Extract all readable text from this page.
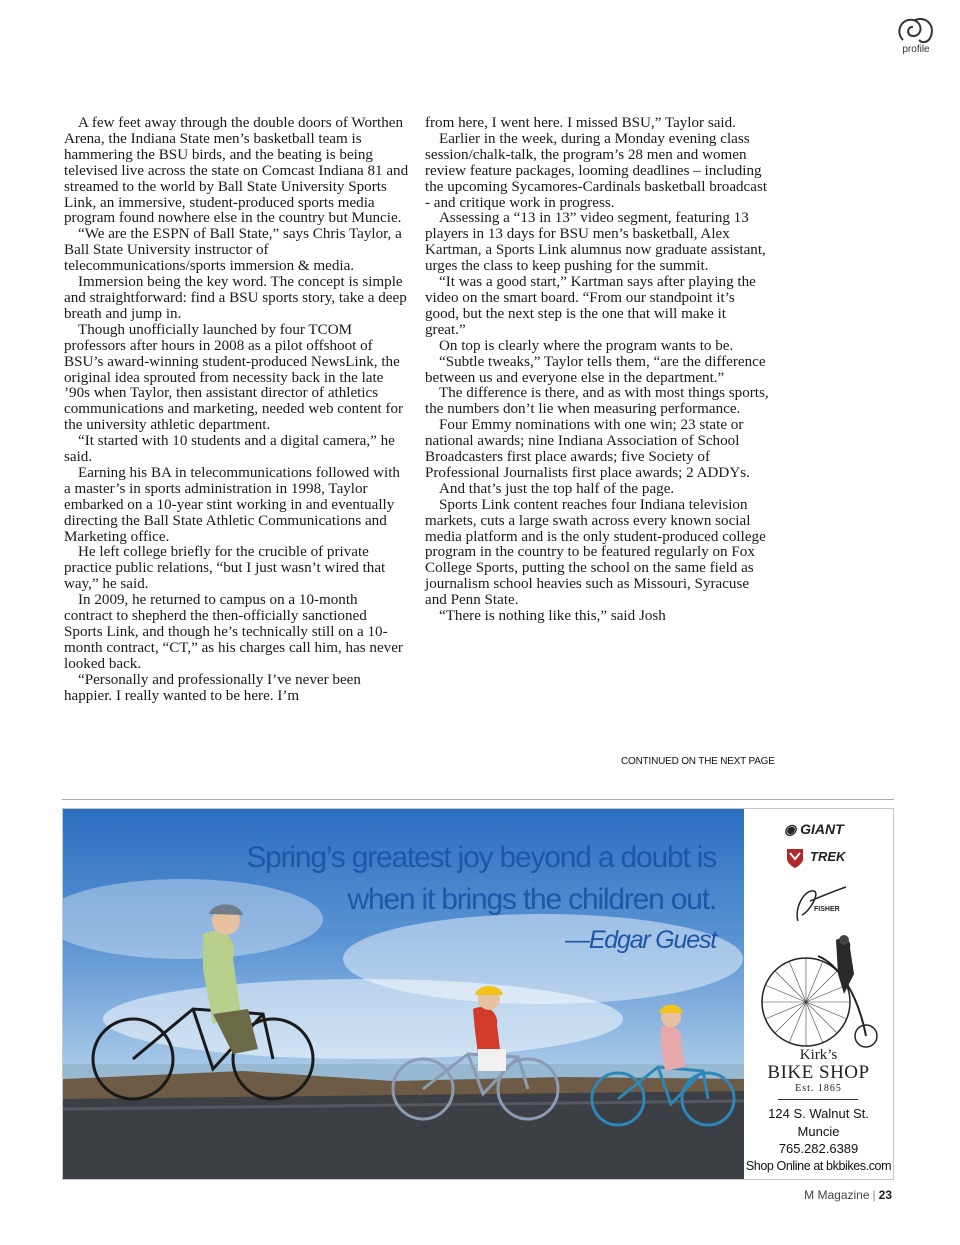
profile

A few feet away through the double doors of Worthen Arena, the Indiana State men’s basketball team is hammering the BSU birds, and the beating is being televised live across the state on Comcast Indiana 81 and streamed to the world by Ball State University Sports Link, an immersive, student-produced sports media program found nowhere else in the country but Muncie.

“We are the ESPN of Ball State,” says Chris Taylor, a Ball State University instructor of telecommunications/sports immersion & media.

Immersion being the key word. The concept is simple and straightforward: find a BSU sports story, take a deep breath and jump in.

Though unofficially launched by four TCOM professors after hours in 2008 as a pilot offshoot of BSU’s award-winning student-produced NewsLink, the original idea sprouted from necessity back in the late ’90s when Taylor, then assistant director of athletics communications and marketing, needed web content for the university athletic department.

“It started with 10 students and a digital camera,” he said.

Earning his BA in telecommunications followed with a master’s in sports administration in 1998, Taylor embarked on a 10-year stint working in and eventually directing the Ball State Athletic Communications and Marketing office.

He left college briefly for the crucible of private practice public relations, “but I just wasn’t wired that way,” he said.

In 2009, he returned to campus on a 10-month contract to shepherd the then-officially sanctioned Sports Link, and though he’s technically still on a 10-month contract, “CT,” as his charges call him, has never looked back.

“Personally and professionally I’ve never been happier. I really wanted to be here. I’m

from here, I went here. I missed BSU,” Taylor said.

Earlier in the week, during a Monday evening class session/chalk-talk, the program’s 28 men and women review feature packages, looming deadlines – including the upcoming Sycamores-Cardinals basketball broadcast - and critique work in progress.

Assessing a “13 in 13” video segment, featuring 13 players in 13 days for BSU men’s basketball, Alex Kartman, a Sports Link alumnus now graduate assistant, urges the class to keep pushing for the summit.

“It was a good start,” Kartman says after playing the video on the smart board. “From our standpoint it’s good, but the next step is the one that will make it great.”

On top is clearly where the program wants to be.

“Subtle tweaks,” Taylor tells them, “are the difference between us and everyone else in the department.”

The difference is there, and as with most things sports, the numbers don’t lie when measuring performance.

Four Emmy nominations with one win; 23 state or national awards; nine Indiana Association of School Broadcasters first place awards; five Society of Professional Journalists first place awards; 2 ADDYs.

And that’s just the top half of the page.

Sports Link content reaches four Indiana television markets, cuts a large swath across every known social media platform and is the only student-produced college program in the country to be featured regularly on Fox College Sports, putting the school on the same field as journalism school heavies such as Missouri, Syracuse and Penn State.

“There is nothing like this,” said Josh

CONTINUED ON THE NEXT PAGE
Spring’s greatest joy beyond a doubt is
when it brings the children out.
—Edgar Guest
◉ GIANT
TREK
FISHER
Kirk’s
BIKE SHOP
Est. 1865
124 S. Walnut St.
Muncie
765.282.6389
Shop Online at bkbikes.com
M Magazine | 23
